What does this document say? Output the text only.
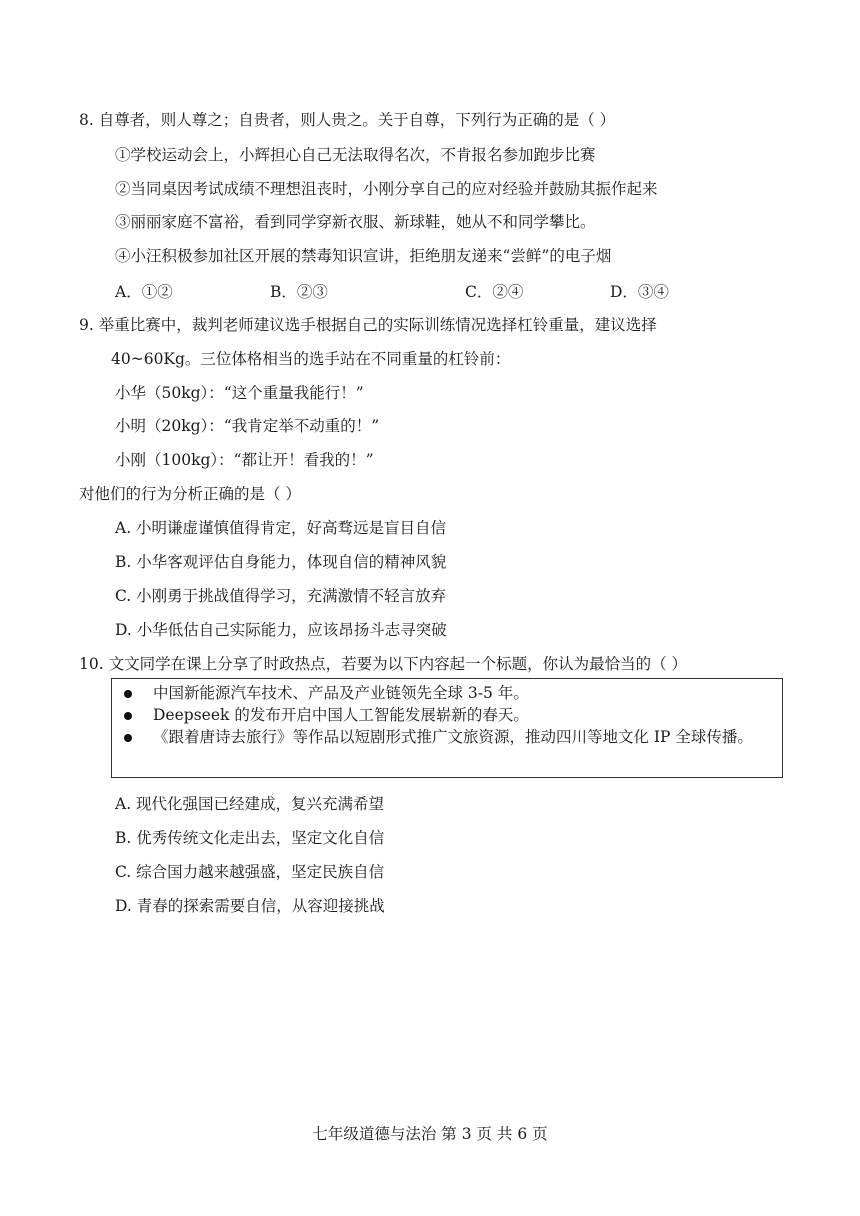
8. 自尊者，则人尊之；自贵者，则人贵之。关于自尊，下列行为正确的是（ ）
①学校运动会上，小辉担心自己无法取得名次，不肯报名参加跑步比赛
②当同桌因考试成绩不理想沮丧时，小刚分享自己的应对经验并鼓励其振作起来
③丽丽家庭不富裕，看到同学穿新衣服、新球鞋，她从不和同学攀比。
④小汪积极参加社区开展的禁毒知识宣讲，拒绝朋友递来“尝鲜”的电子烟
A．①②	B．②③	C．②④	D．③④
9. 举重比赛中，裁判老师建议选手根据自己的实际训练情况选择杠铃重量，建议选择
40~60Kg。三位体格相当的选手站在不同重量的杠铃前：
小华（50kg）：“这个重量我能行！”
小明（20kg）：“我肯定举不动重的！”
小刚（100kg）：“都让开！看我的！”
对他们的行为分析正确的是（ ）
A. 小明谦虚谨慎值得肯定，好高骛远是盲目自信
B. 小华客观评估自身能力，体现自信的精神风貌
C. 小刚勇于挑战值得学习，充满激情不轻言放弃
D. 小华低估自己实际能力，应该昂扬斗志寻突破
10. 文文同学在课上分享了时政热点，若要为以下内容起一个标题，你认为最恰当的（ ）
中国新能源汽车技术、产品及产业链领先全球 3-5 年。
Deepseek 的发布开启中国人工智能发展崭新的春天。
《跟着唐诗去旅行》等作品以短剧形式推广文旅资源，推动四川等地文化 IP 全球传播。
A. 现代化强国已经建成，复兴充满希望
B. 优秀传统文化走出去，坚定文化自信
C. 综合国力越来越强盛，坚定民族自信
D. 青春的探索需要自信，从容迎接挑战
七年级道德与法治 第 3 页 共 6 页
